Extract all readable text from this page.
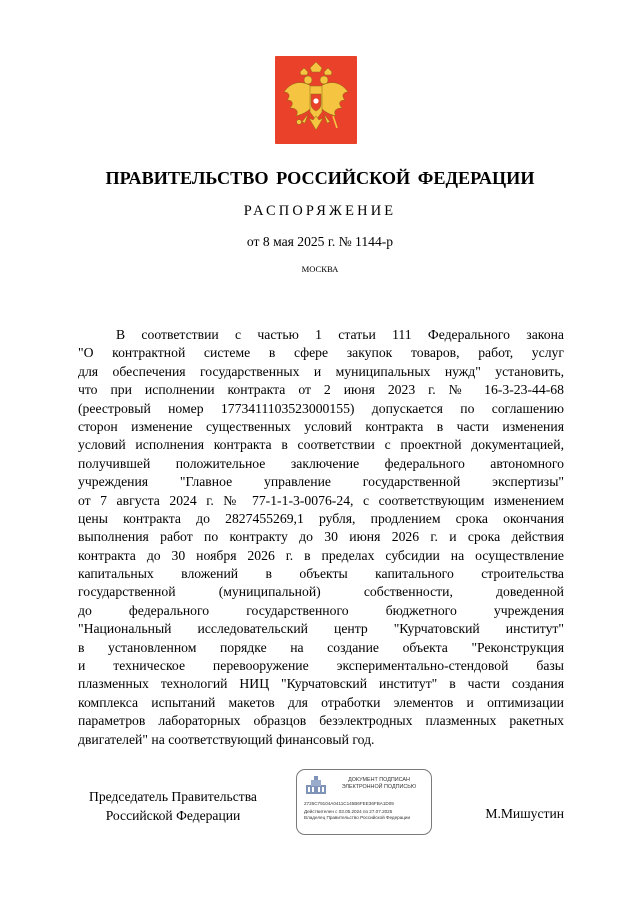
ПРАВИТЕЛЬСТВО РОССИЙСКОЙ ФЕДЕРАЦИИ
РАСПОРЯЖЕНИЕ
от 8 мая 2025 г. № 1144-р
МОСКВА
В соответствии с частью 1 статьи 111 Федерального закона
"О контрактной системе в сфере закупок товаров, работ, услуг
для обеспечения государственных и муниципальных нужд" установить,
что при исполнении контракта от 2 июня 2023 г. № 16-3-23-44-68
(реестровый номер 1773411103523000155) допускается по соглашению
сторон изменение существенных условий контракта в части изменения
условий исполнения контракта в соответствии с проектной документацией,
получившей положительное заключение федерального автономного
учреждения "Главное управление государственной экспертизы"
от 7 августа 2024 г. № 77-1-1-3-0076-24, с соответствующим изменением
цены контракта до 2827455269,1 рубля, продлением срока окончания
выполнения работ по контракту до 30 июня 2026 г. и срока действия
контракта до 30 ноября 2026 г. в пределах субсидии на осуществление
капитальных вложений в объекты капитального строительства
государственной (муниципальной) собственности, доведенной
до федерального государственного бюджетного учреждения
"Национальный исследовательский центр "Курчатовский институт"
в установленном порядке на создание объекта "Реконструкция
и техническое перевооружение экспериментально-стендовой базы
плазменных технологий НИЦ "Курчатовский институт" в части создания
комплекса испытаний макетов для отработки элементов и оптимизации
параметров лабораторных образцов безэлектродных плазменных ракетных
двигателей" на соответствующий финансовый год.
Председатель Правительства
Российской Федерации
ДОКУМЕНТ ПОДПИСАН
ЭЛЕКТРОННОЙ ПОДПИСЬЮ
2726C79104A0411C145B6FEE36FBA1D09
Действителен с 03.05.2024 по 27.07.2025
Владелец Правительство Российской Федерации	М.Мишустин
